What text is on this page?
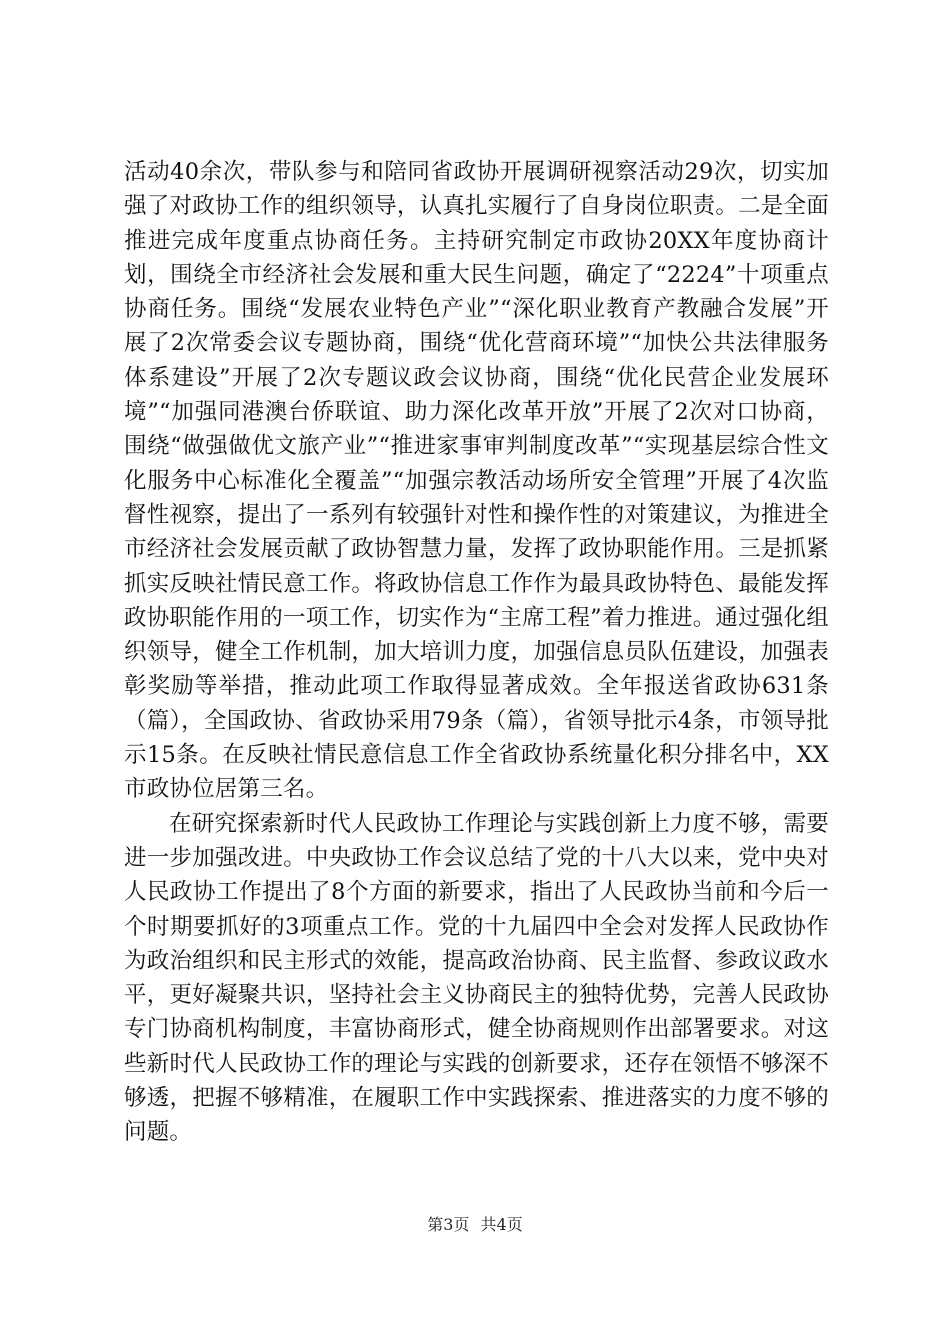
活动40余次，带队参与和陪同省政协开展调研视察活动29次，切实加强了对政协工作的组织领导，认真扎实履行了自身岗位职责。二是全面推进完成年度重点协商任务。主持研究制定市政协20XX年度协商计划，围绕全市经济社会发展和重大民生问题，确定了“2224”十项重点协商任务。围绕“发展农业特色产业”“深化职业教育产教融合发展”开展了2次常委会议专题协商，围绕“优化营商环境”“加快公共法律服务体系建设”开展了2次专题议政会议协商，围绕“优化民营企业发展环境”“加强同港澳台侨联谊、助力深化改革开放”开展了2次对口协商，围绕“做强做优文旅产业”“推进家事审判制度改革”“实现基层综合性文化服务中心标准化全覆盖”“加强宗教活动场所安全管理”开展了4次监督性视察，提出了一系列有较强针对性和操作性的对策建议，为推进全市经济社会发展贡献了政协智慧力量，发挥了政协职能作用。三是抓紧抓实反映社情民意工作。将政协信息工作作为最具政协特色、最能发挥政协职能作用的一项工作，切实作为“主席工程”着力推进。通过强化组织领导，健全工作机制，加大培训力度，加强信息员队伍建设，加强表彰奖励等举措，推动此项工作取得显著成效。全年报送省政协631条（篇），全国政协、省政协采用79条（篇），省领导批示4条，市领导批示15条。在反映社情民意信息工作全省政协系统量化积分排名中，XX市政协位居第三名。

在研究探索新时代人民政协工作理论与实践创新上力度不够，需要进一步加强改进。中央政协工作会议总结了党的十八大以来，党中央对人民政协工作提出了8个方面的新要求，指出了人民政协当前和今后一个时期要抓好的3项重点工作。党的十九届四中全会对发挥人民政协作为政治组织和民主形式的效能，提高政治协商、民主监督、参政议政水平，更好凝聚共识，坚持社会主义协商民主的独特优势，完善人民政协专门协商机构制度，丰富协商形式，健全协商规则作出部署要求。对这些新时代人民政协工作的理论与实践的创新要求，还存在领悟不够深不够透，把握不够精准，在履职工作中实践探索、推进落实的力度不够的问题。

第3页 共4页
